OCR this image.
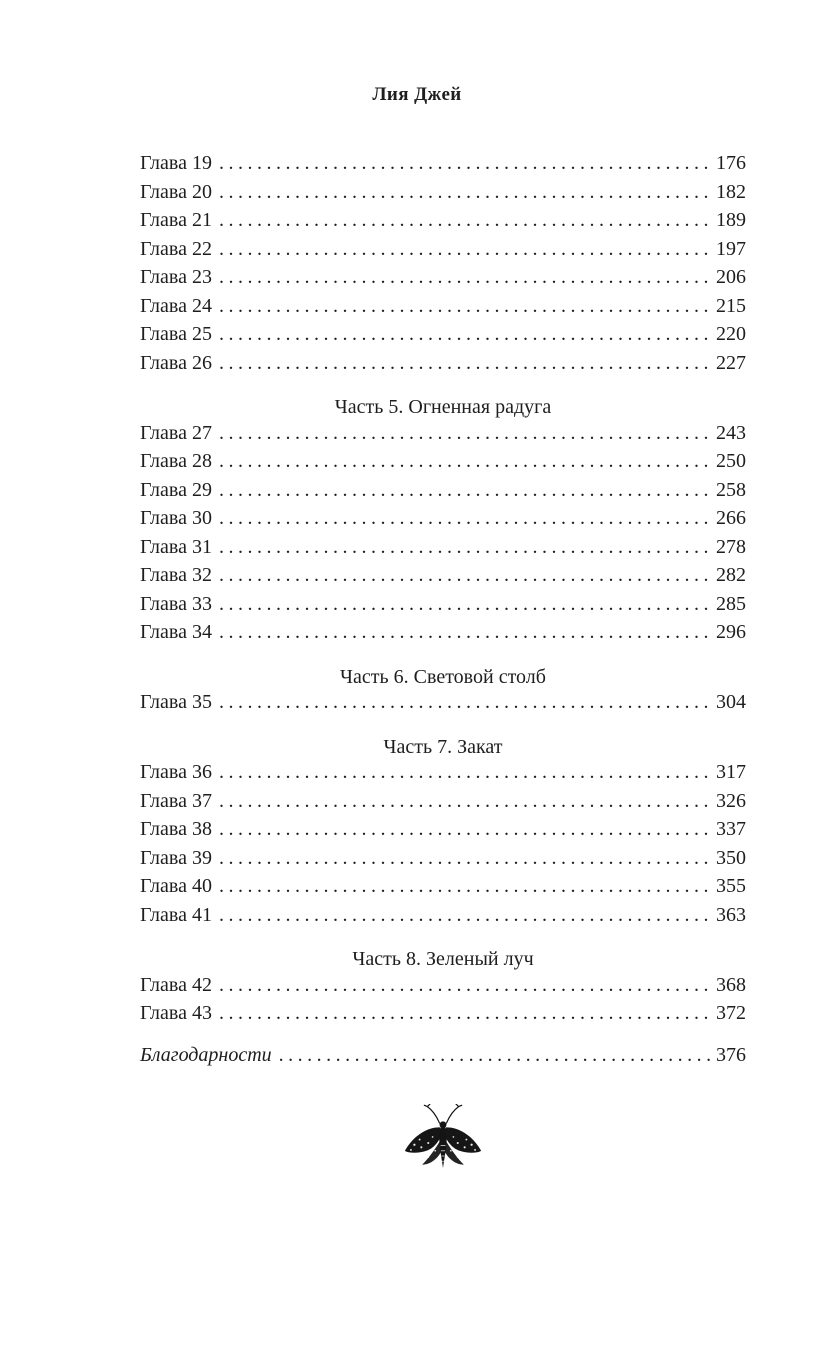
Лия Джей
Глава 19 .....	176
Глава 20 .....	182
Глава 21 .....	189
Глава 22 .....	197
Глава 23 .....	206
Глава 24 .....	215
Глава 25 .....	220
Глава 26 .....	227
Часть 5. Огненная радуга
Глава 27 .....	243
Глава 28 .....	250
Глава 29 .....	258
Глава 30 .....	266
Глава 31 .....	278
Глава 32 .....	282
Глава 33 .....	285
Глава 34 .....	296
Часть 6. Световой столб
Глава 35 .....	304
Часть 7. Закат
Глава 36 .....	317
Глава 37 .....	326
Глава 38 .....	337
Глава 39 .....	350
Глава 40 .....	355
Глава 41 .....	363
Часть 8. Зеленый луч
Глава 42 .....	368
Глава 43 .....	372
Благодарности .....	376
